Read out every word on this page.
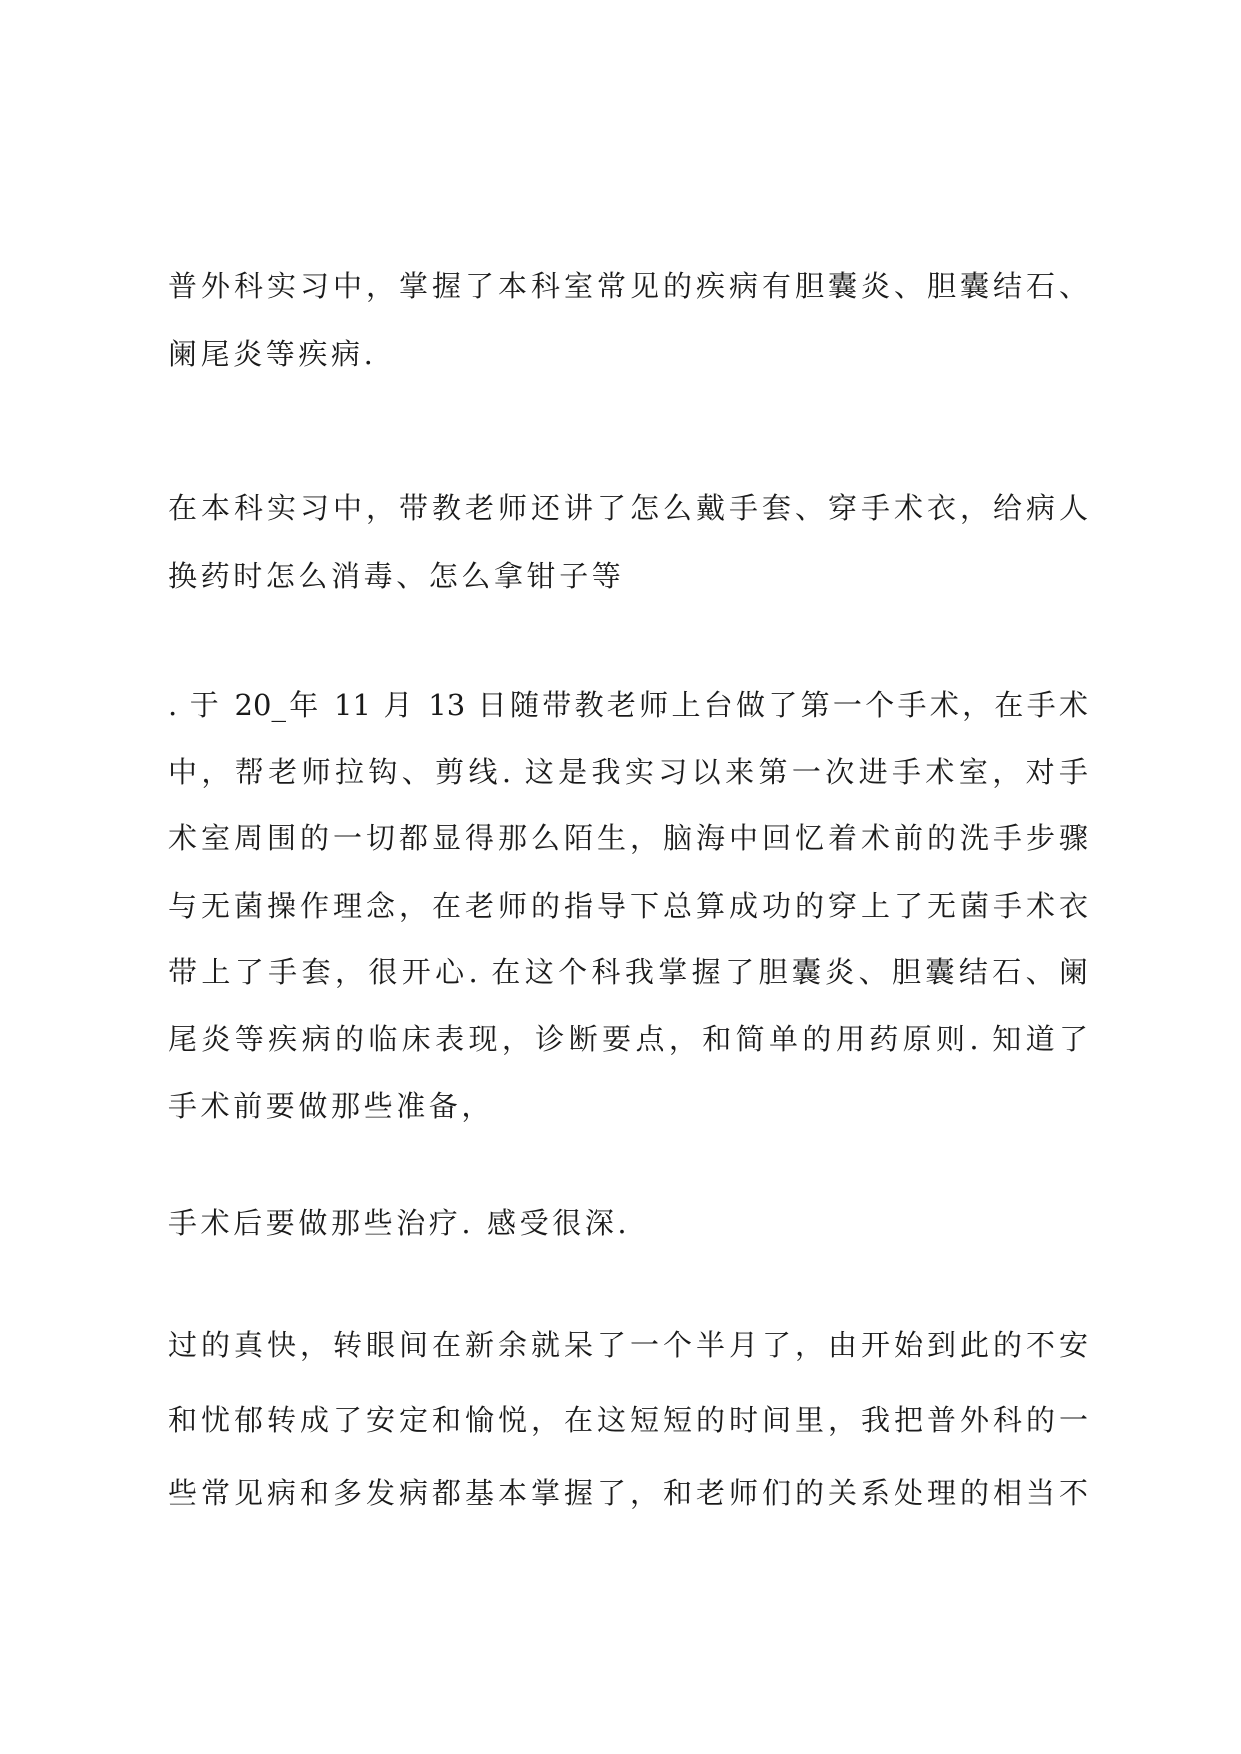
普外科实习中，掌握了本科室常见的疾病有胆囊炎、胆囊结石、
阑尾炎等疾病.
在本科实习中，带教老师还讲了怎么戴手套、穿手术衣，给病人
换药时怎么消毒、怎么拿钳子等
. 于 20_年 11 月 13 日随带教老师上台做了第一个手术，在手术
中，帮老师拉钩、剪线. 这是我实习以来第一次进手术室，对手
术室周围的一切都显得那么陌生，脑海中回忆着术前的洗手步骤
与无菌操作理念，在老师的指导下总算成功的穿上了无菌手术衣
带上了手套，很开心. 在这个科我掌握了胆囊炎、胆囊结石、阑
尾炎等疾病的临床表现，诊断要点，和简单的用药原则. 知道了
手术前要做那些准备，
手术后要做那些治疗. 感受很深.
过的真快，转眼间在新余就呆了一个半月了，由开始到此的不安
和忧郁转成了安定和愉悦，在这短短的时间里，我把普外科的一
些常见病和多发病都基本掌握了，和老师们的关系处理的相当不
